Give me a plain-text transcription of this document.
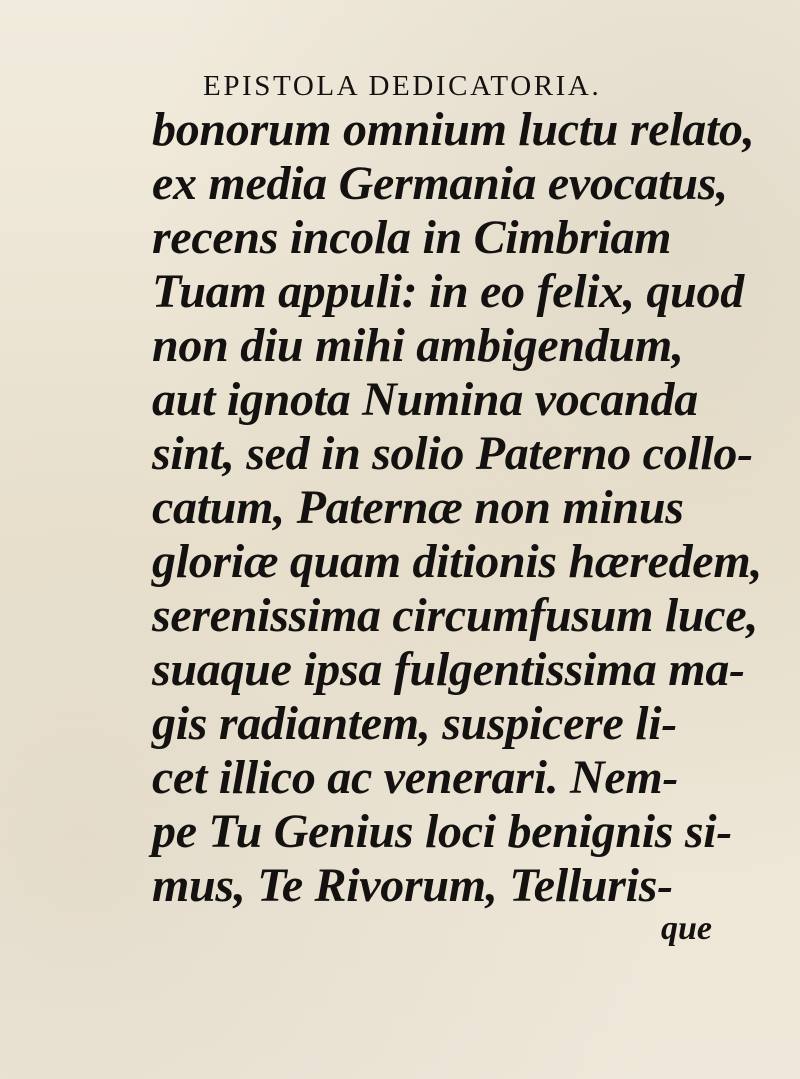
EPISTOLA DEDICATORIA.
bonorum omnium luctu relato,
ex media Germania evocatus,
recens incola in Cimbriam
Tuam appuli: in eo felix, quod
non diu mihi ambigendum,
aut ignota Numina vocanda
sint, sed in solio Paterno collo-
catum, Paternæ non minus
gloriæ quam ditionis hæredem,
serenissima circumfusum luce,
suaque ipsa fulgentissima ma-
gis radiantem, suspicere li-
cet illico ac venerari. Nem-
pe Tu Genius loci benignis si-
mus, Te Rivorum, Telluris-
que
